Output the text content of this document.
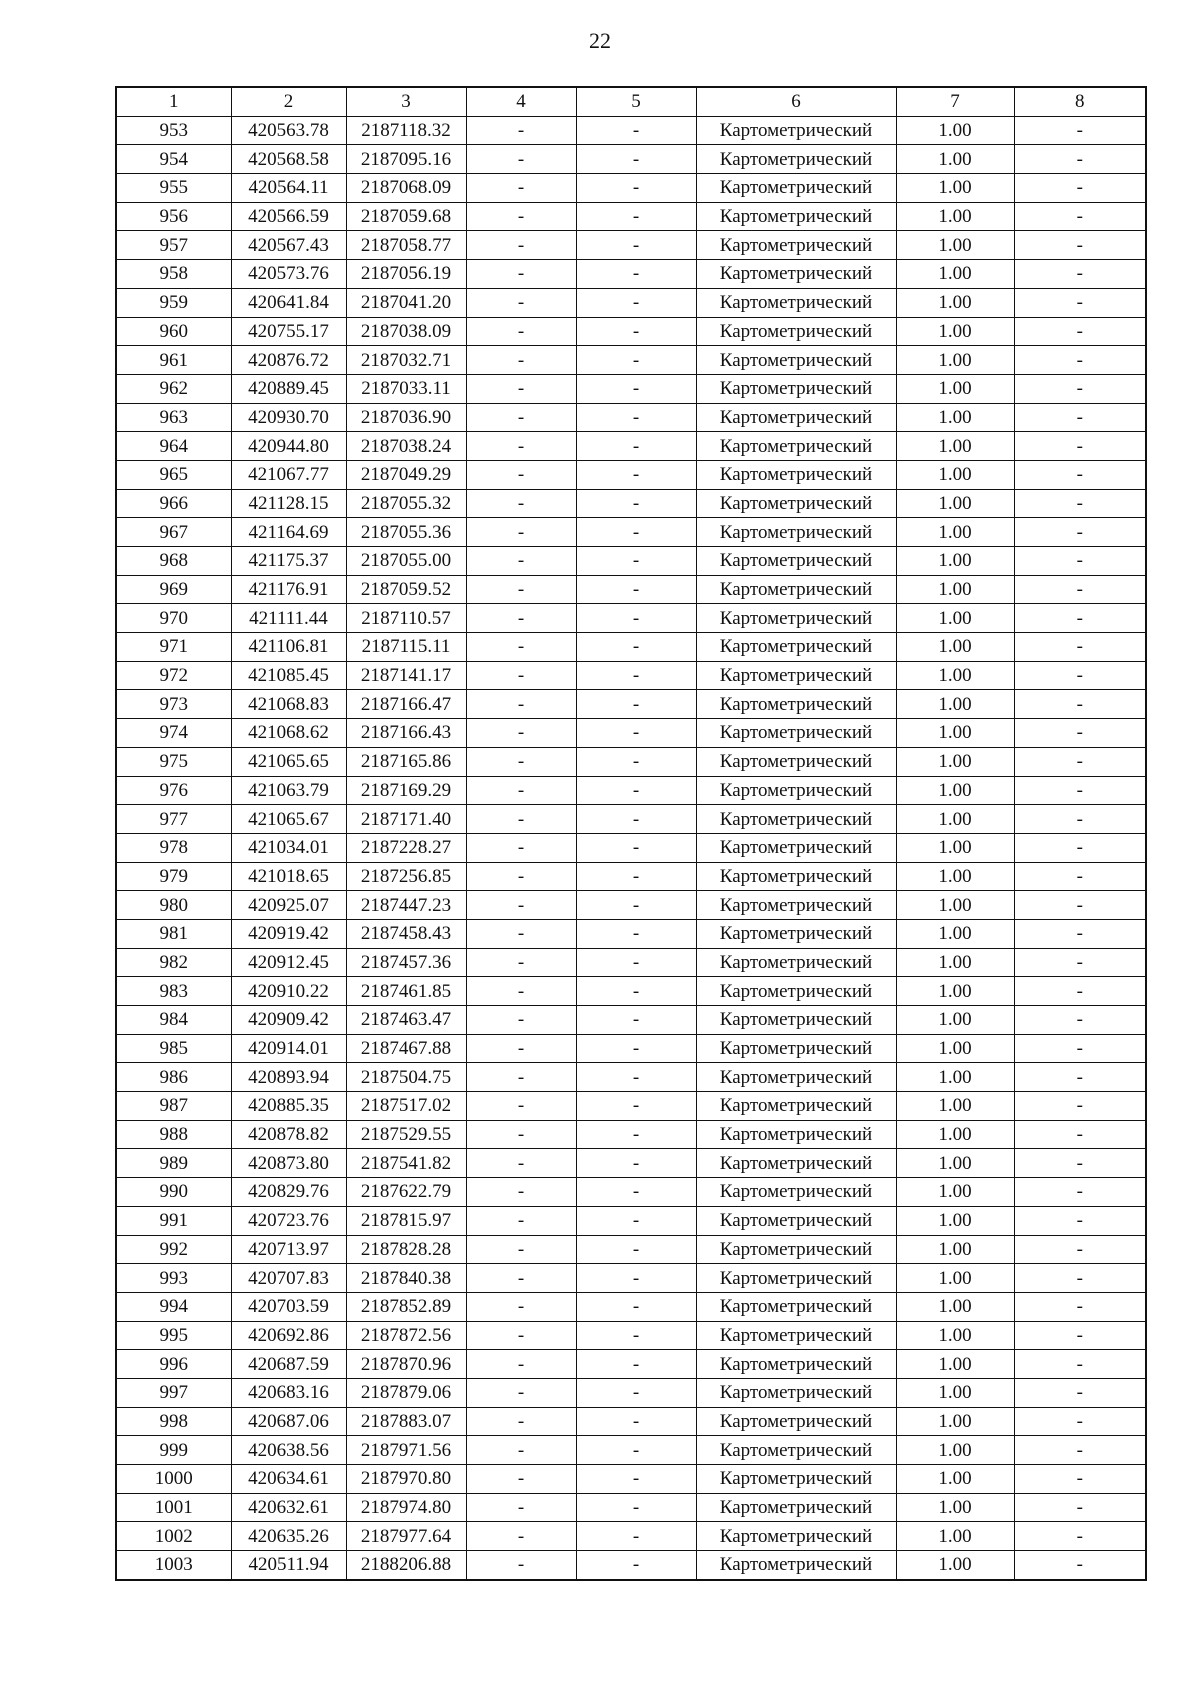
22
1	2	3	4	5	6	7	8
953	420563.78	2187118.32	-	-	Картометрический	1.00	-
954	420568.58	2187095.16	-	-	Картометрический	1.00	-
955	420564.11	2187068.09	-	-	Картометрический	1.00	-
956	420566.59	2187059.68	-	-	Картометрический	1.00	-
957	420567.43	2187058.77	-	-	Картометрический	1.00	-
958	420573.76	2187056.19	-	-	Картометрический	1.00	-
959	420641.84	2187041.20	-	-	Картометрический	1.00	-
960	420755.17	2187038.09	-	-	Картометрический	1.00	-
961	420876.72	2187032.71	-	-	Картометрический	1.00	-
962	420889.45	2187033.11	-	-	Картометрический	1.00	-
963	420930.70	2187036.90	-	-	Картометрический	1.00	-
964	420944.80	2187038.24	-	-	Картометрический	1.00	-
965	421067.77	2187049.29	-	-	Картометрический	1.00	-
966	421128.15	2187055.32	-	-	Картометрический	1.00	-
967	421164.69	2187055.36	-	-	Картометрический	1.00	-
968	421175.37	2187055.00	-	-	Картометрический	1.00	-
969	421176.91	2187059.52	-	-	Картометрический	1.00	-
970	421111.44	2187110.57	-	-	Картометрический	1.00	-
971	421106.81	2187115.11	-	-	Картометрический	1.00	-
972	421085.45	2187141.17	-	-	Картометрический	1.00	-
973	421068.83	2187166.47	-	-	Картометрический	1.00	-
974	421068.62	2187166.43	-	-	Картометрический	1.00	-
975	421065.65	2187165.86	-	-	Картометрический	1.00	-
976	421063.79	2187169.29	-	-	Картометрический	1.00	-
977	421065.67	2187171.40	-	-	Картометрический	1.00	-
978	421034.01	2187228.27	-	-	Картометрический	1.00	-
979	421018.65	2187256.85	-	-	Картометрический	1.00	-
980	420925.07	2187447.23	-	-	Картометрический	1.00	-
981	420919.42	2187458.43	-	-	Картометрический	1.00	-
982	420912.45	2187457.36	-	-	Картометрический	1.00	-
983	420910.22	2187461.85	-	-	Картометрический	1.00	-
984	420909.42	2187463.47	-	-	Картометрический	1.00	-
985	420914.01	2187467.88	-	-	Картометрический	1.00	-
986	420893.94	2187504.75	-	-	Картометрический	1.00	-
987	420885.35	2187517.02	-	-	Картометрический	1.00	-
988	420878.82	2187529.55	-	-	Картометрический	1.00	-
989	420873.80	2187541.82	-	-	Картометрический	1.00	-
990	420829.76	2187622.79	-	-	Картометрический	1.00	-
991	420723.76	2187815.97	-	-	Картометрический	1.00	-
992	420713.97	2187828.28	-	-	Картометрический	1.00	-
993	420707.83	2187840.38	-	-	Картометрический	1.00	-
994	420703.59	2187852.89	-	-	Картометрический	1.00	-
995	420692.86	2187872.56	-	-	Картометрический	1.00	-
996	420687.59	2187870.96	-	-	Картометрический	1.00	-
997	420683.16	2187879.06	-	-	Картометрический	1.00	-
998	420687.06	2187883.07	-	-	Картометрический	1.00	-
999	420638.56	2187971.56	-	-	Картометрический	1.00	-
1000	420634.61	2187970.80	-	-	Картометрический	1.00	-
1001	420632.61	2187974.80	-	-	Картометрический	1.00	-
1002	420635.26	2187977.64	-	-	Картометрический	1.00	-
1003	420511.94	2188206.88	-	-	Картометрический	1.00	-
